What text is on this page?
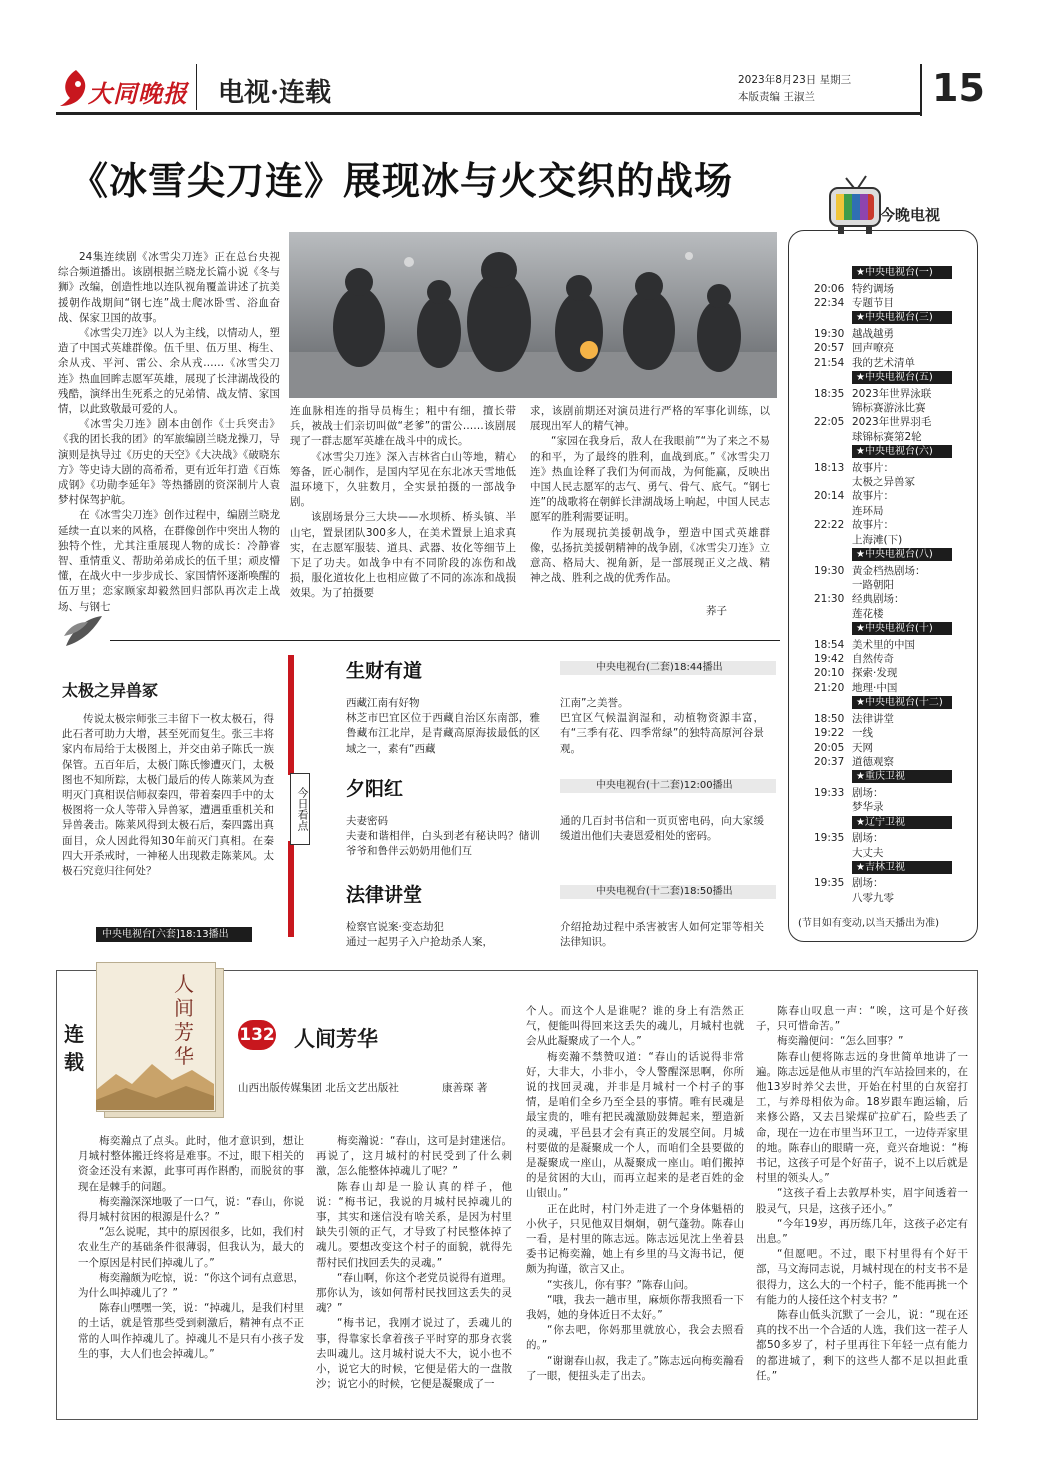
大同晚报 电视·连载	2023年8月23日 星期三
本版责编 王淑兰	15
《冰雪尖刀连》展现冰与火交织的战场

24集连续剧《冰雪尖刀连》正在总台央视综合频道播出。该剧根据兰晓龙长篇小说《冬与狮》改编，创造性地以连队视角覆盖讲述了抗美援朝作战期间“钢七连”战士爬冰卧雪、浴血奋战、保家卫国的故事。

《冰雪尖刀连》以人为主线，以情动人，塑造了中国式英雄群像。伍千里、伍万里、梅生、余从戎、平河、雷公、余从戎……《冰雪尖刀连》热血回眸志愿军英雄，展现了长津湖战役的残酷，演绎出生死系之的兄弟情、战友情、家国情，以此致敬最可爱的人。

《冰雪尖刀连》剧本由创作《士兵突击》《我的团长我的团》的军旅编剧兰晓龙操刀，导演则是执导过《历史的天空》《大决战》《破晓东方》等史诗大剧的高希希，更有近年打造《百炼成钢》《功勋李延年》等热播剧的资深制片人袁梦村保驾护航。

在《冰雪尖刀连》创作过程中，编剧兰晓龙延续一直以来的风格，在群像创作中突出人物的独特个性，尤其注重展现人物的成长：冷静睿智、重情重义、帮助弟弟成长的伍千里；顽皮懵懂，在战火中一步步成长、家国情怀逐渐唤醒的伍万里；恋家顾家却毅然回归部队再次走上战场、与钢七

连血脉相连的指导员梅生；粗中有细，擅长带兵，被战士们亲切叫做“老爹”的雷公……该剧展现了一群志愿军英雄在战斗中的成长。

《冰雪尖刀连》深入吉林省白山等地，精心筹备，匠心制作，是国内罕见在东北冰天雪地低温环境下，久驻数月，全实景拍摄的一部战争剧。

该剧场景分三大块——水坝桥、桥头镇、半山宅，置景团队300多人，在美术置景上追求真实，在志愿军服装、道具、武器、妆化等细节上下足了功夫。如战争中有不同阶段的冻伤和战损，服化道妆化上也相应做了不同的冻冻和战损效果。为了拍摄要

求，该剧前期还对演员进行严格的军事化训练，以展现出军人的精气神。

“家园在我身后，敌人在我眼前”“为了来之不易的和平，为了最终的胜利，血战到底。”《冰雪尖刀连》热血诠释了我们为何而战，为何能赢，反映出中国人民志愿军的志气、勇气、骨气、底气。“钢七连”的战歌将在朝鲜长津湖战场上响起，中国人民志愿军的胜利需要证明。

作为展现抗美援朝战争，塑造中国式英雄群像，弘扬抗美援朝精神的战争剧，《冰雪尖刀连》立意高、格局大、视角新，是一部展现正义之战、精神之战、胜利之战的优秀作品。

荞子
今晚电视
★中央电视台(一)
20:06 特约调场
22:34 专题节目
★中央电视台(三)
19:30 越战越勇
20:57 回声嘹亮
21:54 我的艺术清单
★中央电视台(五)
18:35 2023年世界泳联
锦标赛游泳比赛
22:05 2023年世界羽毛
球锦标赛第2轮
★中央电视台(六)
18:13 故事片：
太极之异兽冢
20:14 故事片：
连环局
22:22 故事片：
上海滩(下)
★中央电视台(八)
19:30 黄金档热剧场：
一路朝阳
21:30 经典剧场：
莲花楼
★中央电视台(十)
18:54 美术里的中国
19:42 自然传奇
20:10 探索·发现
21:20 地理·中国
★中央电视台(十二)
18:50 法律讲堂
19:22 一线
20:05 天网
20:37 道德观察
★重庆卫视
19:33 剧场：
梦华录
★辽宁卫视
19:35 剧场：
大丈夫
★吉林卫视
19:35 剧场：
八零九零
(节目如有变动,以当天播出为准)
太极之异兽冢

传说太极宗师张三丰留下一枚太极石，得此石者可助力大增，甚至死而复生。张三丰将家内布局给于太极图上，并交由弟子陈氏一族保管。五百年后，太极门陈氏惨遭灭门，太极图也不知所踪，太极门最后的传人陈莱风为查明灭门真相误信师叔秦四，带着秦四手中的太极图将一众人等带入异兽冢，遭遇重重机关和异兽袭击。陈莱风得到太极石后，秦四露出真面目，众人因此得知30年前灭门真相。在秦四大开杀戒时，一神秘人出现救走陈莱风。太极石究竟归往何处？

中央电视台[六套]18:13播出
今日看点
生财有道	中央电视台(二套)18:44播出
西藏江南有好物
林芝市巴宜区位于西藏自治区东南部，雅鲁藏布江北岸，是青藏高原海拔最低的区域之一，素有“西藏
江南”之美誉。
巴宜区气候温润湿和，动植物资源丰富，有“三季有花、四季常绿”的独特高原河谷景观。
夕阳红	中央电视台(十二套)12:00播出
夫妻密码
夫妻和谐相伴，白头到老有秘诀吗？储训爷爷和鲁伴云奶奶用他们互
通的几百封书信和一页页密电码，向大家缓缓道出他们夫妻恩爱相处的密码。
法律讲堂	中央电视台(十二套)18:50播出
检察官说案·变态劫犯
通过一起男子入户抢劫杀人案，
介绍抢劫过程中杀害被害人如何定罪等相关法律知识。
连载
人间芳华
132 人间芳华
山西出版传媒集团 北岳文艺出版社	康善琛 著

梅奕瀚点了点头。此时，他才意识到，想让月城村整体搬迁终将是难事。不过，眼下相关的资金还没有来源，此事可再作斟酌，而脱贫的事现在是棘手的问题。

梅奕瀚深深地吸了一口气，说：“春山，你说得月城村贫困的根源是什么？”

“怎么说呢，其中的原因很多，比如，我们村农业生产的基础条件很薄弱，但我认为，最大的一个原因是村民们掉魂儿了。”

梅奕瀚颇为吃惊，说：“你这个词有点意思，为什么叫掉魂儿了？”

陈春山嘿嘿一笑，说：“掉魂儿，是我们村里的土话，就是管那些受到刺激后，精神有点不正常的人叫作掉魂儿了。掉魂儿不是只有小孩子发生的事，大人们也会掉魂儿。”

梅奕瀚说：“春山，这可是封建迷信。再说了，这月城村的村民受到了什么刺激，怎么能整体掉魂儿了呢？”

陈春山却是一脸认真的样子，他说：“梅书记，我说的月城村民掉魂儿的事，其实和迷信没有啥关系，是因为村里缺失引领的正气，才导致了村民整体掉了魂儿。要想改变这个村子的面貌，就得先帮村民们找回丢失的灵魂。”

“春山啊，你这个老党员说得有道理。那你认为，该如何帮村民找回这丢失的灵魂？”

“梅书记，我刚才说过了，丢魂儿的事，得靠家长拿着孩子平时穿的那身衣裳去叫魂儿。这月城村说大不大，说小也不小，说它大的时候，它便是偌大的一盘散沙；说它小的时候，它便是凝聚成了一

个人。而这个人是谁呢？谁的身上有浩然正气，便能叫得回来这丢失的魂儿，月城村也就会从此凝聚成了一个人。”

梅奕瀚不禁赞叹道：“春山的话说得非常好，大非大，小非小，令人警醒深思啊，你所说的找回灵魂，并非是月城村一个村子的事情，是咱们全乡乃至全县的事情。唯有民魂是最宝贵的，唯有把民魂激励鼓舞起来，塑造新的灵魂，平邑县才会有真正的发展空间。月城村要做的是凝聚成一个人，而咱们全县要做的是凝聚成一座山，从凝聚成一座山。咱们搬掉的是贫困的大山，而再立起来的是老百姓的金山银山。”

正在此时，村门外走进了一个身体魁梧的小伙子，只见他双目炯炯，朝气蓬勃。陈春山一看，是村里的陈志远。陈志远见沈上坐着县委书记梅奕瀚，她上有乡里的马文海书记，便颇为拘谨，欲言又止。

“实孩儿，你有事？”陈春山问。

“哦，我去一趟市里，麻烦你帮我照看一下我妈，她的身体近日不太好。”

“你去吧，你妈那里就放心，我会去照看的。”

“谢谢春山叔，我走了。”陈志远向梅奕瀚看了一眼，便扭头走了出去。

陈春山叹息一声：“唉，这可是个好孩子，只可惜命苦。”

梅奕瀚便问：“怎么回事？”

陈春山便将陈志远的身世简单地讲了一遍。陈志远是他从市里的汽车站捡回来的，在他13岁时养父去世，开始在村里的白灰窑打工，与养母相依为命。18岁跟车跑运输，后来修公路，又去吕梁煤矿拉矿石，险些丢了命，现在一边在市里当环卫工，一边侍弄家里的地。陈春山的眼睛一亮，竟兴奋地说：“梅书记，这孩子可是个好苗子，说不上以后就是村里的领头人。”

“这孩子看上去敦厚朴实，眉宇间透着一股灵气，只是，这孩子还小。”

“今年19岁，再历练几年，这孩子必定有出息。”

“但愿吧。不过，眼下村里得有个好干部，马文海同志说，月城村现在的村支书不是很得力，这么大的一个村子，能不能再挑一个有能力的人接任这个村支书？”

陈春山低头沉默了一会儿，说：“现在还真的找不出一个合适的人选，我们这一茬子人都50多岁了，村子里再往下年轻一点有能力的都进城了，剩下的这些人都不足以担此重任。”
